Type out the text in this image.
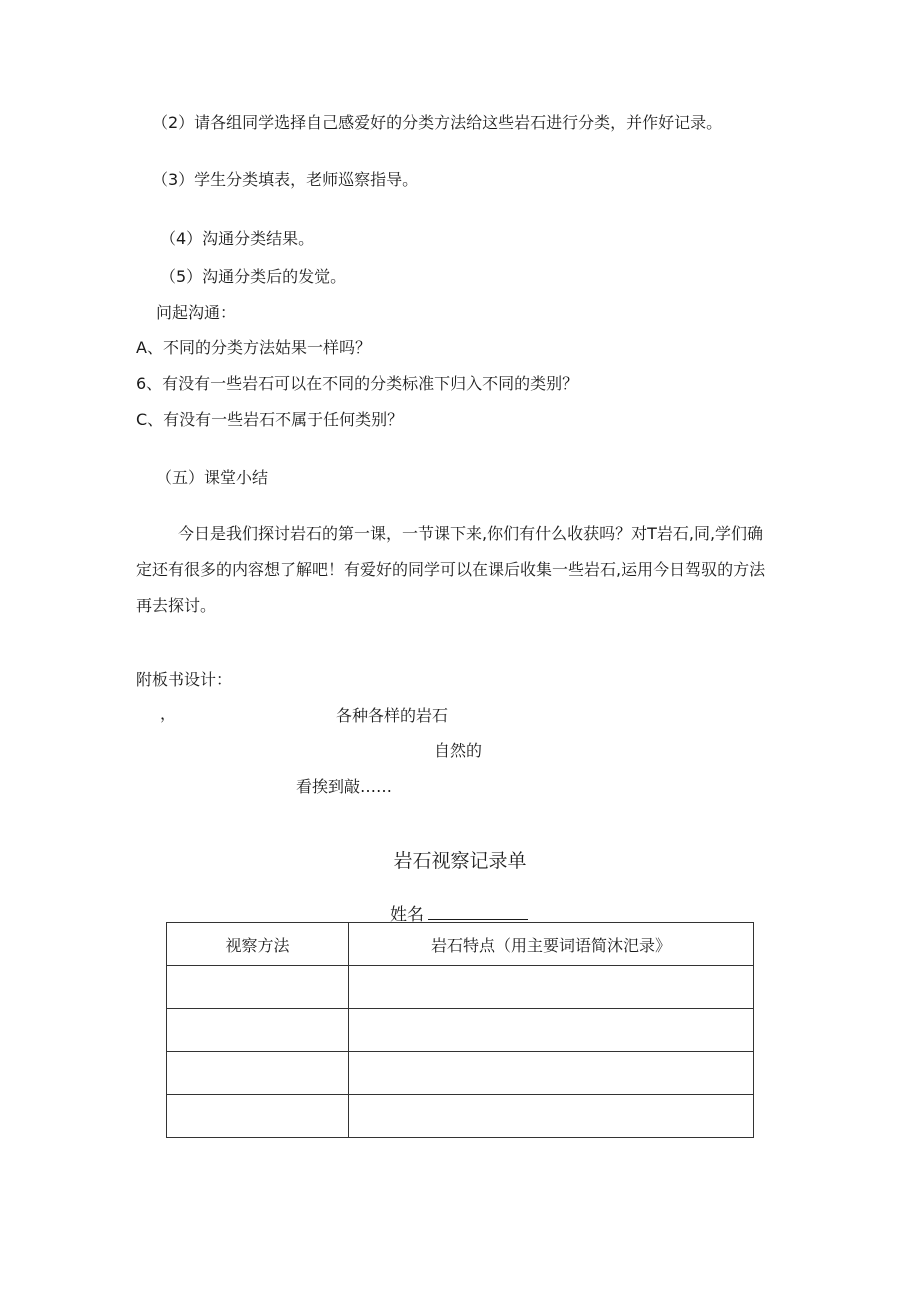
（2）请各组同学选择自己感爱好的分类方法给这些岩石进行分类，并作好记录。
（3）学生分类填表，老师巡察指导。
（4）沟通分类结果。
（5）沟通分类后的发觉。
问起沟通：
A、不同的分类方法姑果一样吗？
6、有没有一些岩石可以在不同的分类标准下归入不同的类别？
C、有没有一些岩石不属于任何类别？
（五）课堂小结
今日是我们探讨岩石的第一课，一节课下来,你们有什么收获吗？对T岩石,同,学们确定还有很多的内容想了解吧！有爱好的同学可以在课后收集一些岩石,运用今日驾驭的方法再去探讨。
附板书设计：
，	各种各样的岩石
自然的
看挨到敲……
岩石视察记录单
姓名
视察方法	岩石特点（用主要词语简沐汜录》
